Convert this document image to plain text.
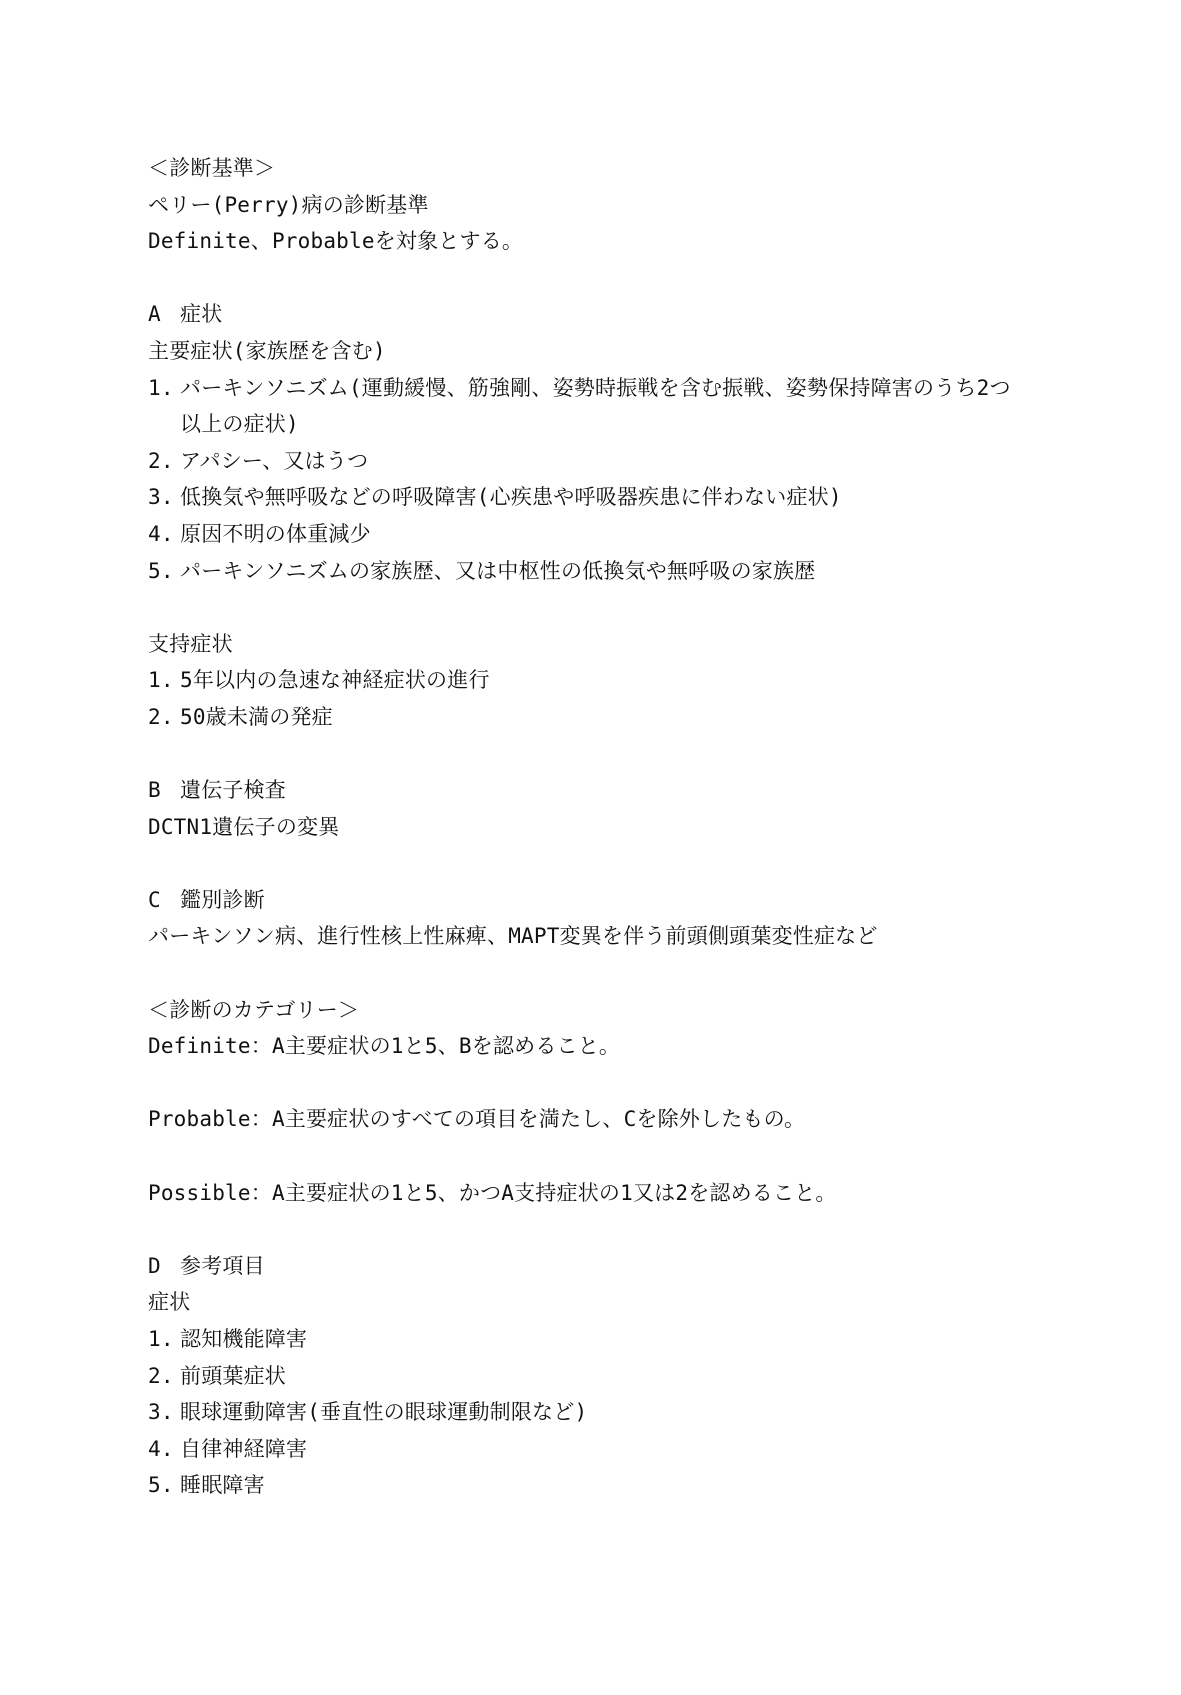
＜診断基準＞
ペリー(Perry)病の診断基準
Definite、Probableを対象とする。
A 症状
主要症状(家族歴を含む)
1. パーキンソニズム(運動緩慢、筋強剛、姿勢時振戦を含む振戦、姿勢保持障害のうち2つ
以上の症状)
2. アパシー、又はうつ
3. 低換気や無呼吸などの呼吸障害(心疾患や呼吸器疾患に伴わない症状)
4. 原因不明の体重減少
5. パーキンソニズムの家族歴、又は中枢性の低換気や無呼吸の家族歴
支持症状
1. 5年以内の急速な神経症状の進行
2. 50歳未満の発症
B 遺伝子検査
DCTN1遺伝子の変異
C 鑑別診断
パーキンソン病、進行性核上性麻痺、MAPT変異を伴う前頭側頭葉変性症など
＜診断のカテゴリー＞
Definite：A主要症状の1と5、Bを認めること。
Probable：A主要症状のすべての項目を満たし、Cを除外したもの。
Possible：A主要症状の1と5、かつA支持症状の1又は2を認めること。
D 参考項目
症状
1. 認知機能障害
2. 前頭葉症状
3. 眼球運動障害(垂直性の眼球運動制限など)
4. 自律神経障害
5. 睡眠障害
